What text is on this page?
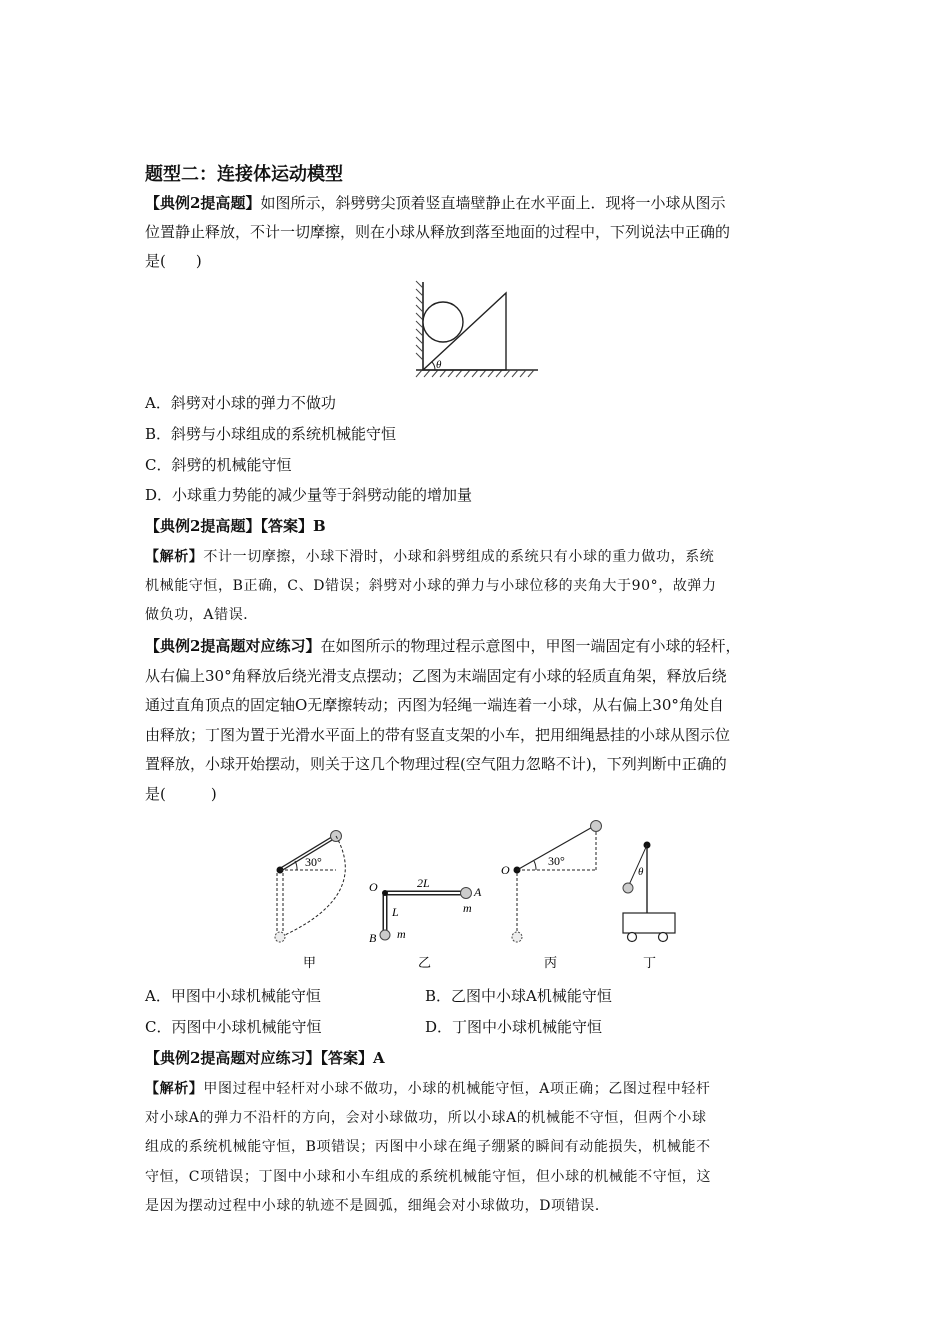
题型二：连接体运动模型
【典例2提高题】如图所示，斜劈劈尖顶着竖直墙壁静止在水平面上．现将一小球从图示
位置静止释放，不计一切摩擦，则在小球从释放到落至地面的过程中，下列说法中正确的
是(　　)
θ
A．斜劈对小球的弹力不做功
B．斜劈与小球组成的系统机械能守恒
C．斜劈的机械能守恒
D．小球重力势能的减少量等于斜劈动能的增加量
【典例2提高题】【答案】B
【解析】不计一切摩擦，小球下滑时，小球和斜劈组成的系统只有小球的重力做功，系统
机械能守恒，B正确，C、D错误；斜劈对小球的弹力与小球位移的夹角大于90°，故弹力
做负功，A错误．
【典例2提高题对应练习】在如图所示的物理过程示意图中，甲图一端固定有小球的轻杆，
从右偏上30°角释放后绕光滑支点摆动；乙图为末端固定有小球的轻质直角架，释放后绕
通过直角顶点的固定轴O无摩擦转动；丙图为轻绳一端连着一小球，从右偏上30°角处自
由释放；丁图为置于光滑水平面上的带有竖直支架的小车，把用细绳悬挂的小球从图示位
置释放，小球开始摆动，则关于这几个物理过程(空气阻力忽略不计)，下列判断中正确的
是(　　　)
30°
甲
O	2L
L
A
m
B m
乙
O
30°
丙
θ
丁
A．甲图中小球机械能守恒	B．乙图中小球A机械能守恒
C．丙图中小球机械能守恒	D．丁图中小球机械能守恒
【典例2提高题对应练习】【答案】A
【解析】甲图过程中轻杆对小球不做功，小球的机械能守恒，A项正确；乙图过程中轻杆
对小球A的弹力不沿杆的方向，会对小球做功，所以小球A的机械能不守恒，但两个小球
组成的系统机械能守恒，B项错误；丙图中小球在绳子绷紧的瞬间有动能损失，机械能不
守恒，C项错误；丁图中小球和小车组成的系统机械能守恒，但小球的机械能不守恒，这
是因为摆动过程中小球的轨迹不是圆弧，细绳会对小球做功，D项错误．
